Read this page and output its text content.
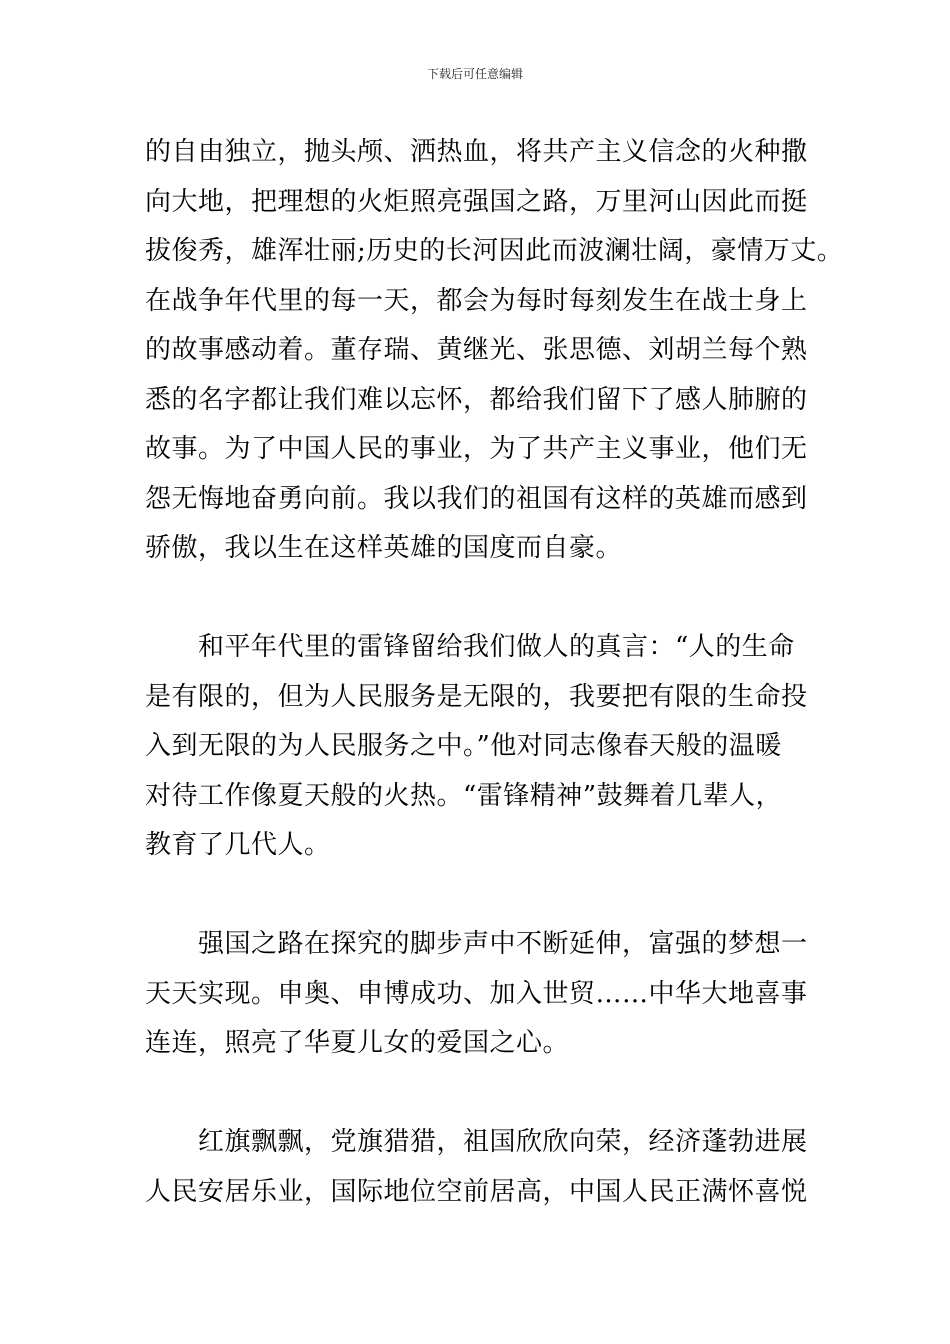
下载后可任意编辑
的自由独立，抛头颅、洒热血，将共产主义信念的火种撒
向大地，把理想的火炬照亮强国之路，万里河山因此而挺
拔俊秀，雄浑壮丽;历史的长河因此而波澜壮阔，豪情万丈。
在战争年代里的每一天，都会为每时每刻发生在战士身上
的故事感动着。董存瑞、黄继光、张思德、刘胡兰每个熟
悉的名字都让我们难以忘怀，都给我们留下了感人肺腑的
故事。为了中国人民的事业，为了共产主义事业，他们无
怨无悔地奋勇向前。我以我们的祖国有这样的英雄而感到
骄傲，我以生在这样英雄的国度而自豪。
和平年代里的雷锋留给我们做人的真言：“人的生命
是有限的，但为人民服务是无限的，我要把有限的生命投
入到无限的为人民服务之中。”他对同志像春天般的温暖
对待工作像夏天般的火热。“雷锋精神”鼓舞着几辈人，
教育了几代人。
强国之路在探究的脚步声中不断延伸，富强的梦想一
天天实现。申奥、申博成功、加入世贸……中华大地喜事
连连，照亮了华夏儿女的爱国之心。
红旗飘飘，党旗猎猎，祖国欣欣向荣，经济蓬勃进展
人民安居乐业，国际地位空前居高，中国人民正满怀喜悦
